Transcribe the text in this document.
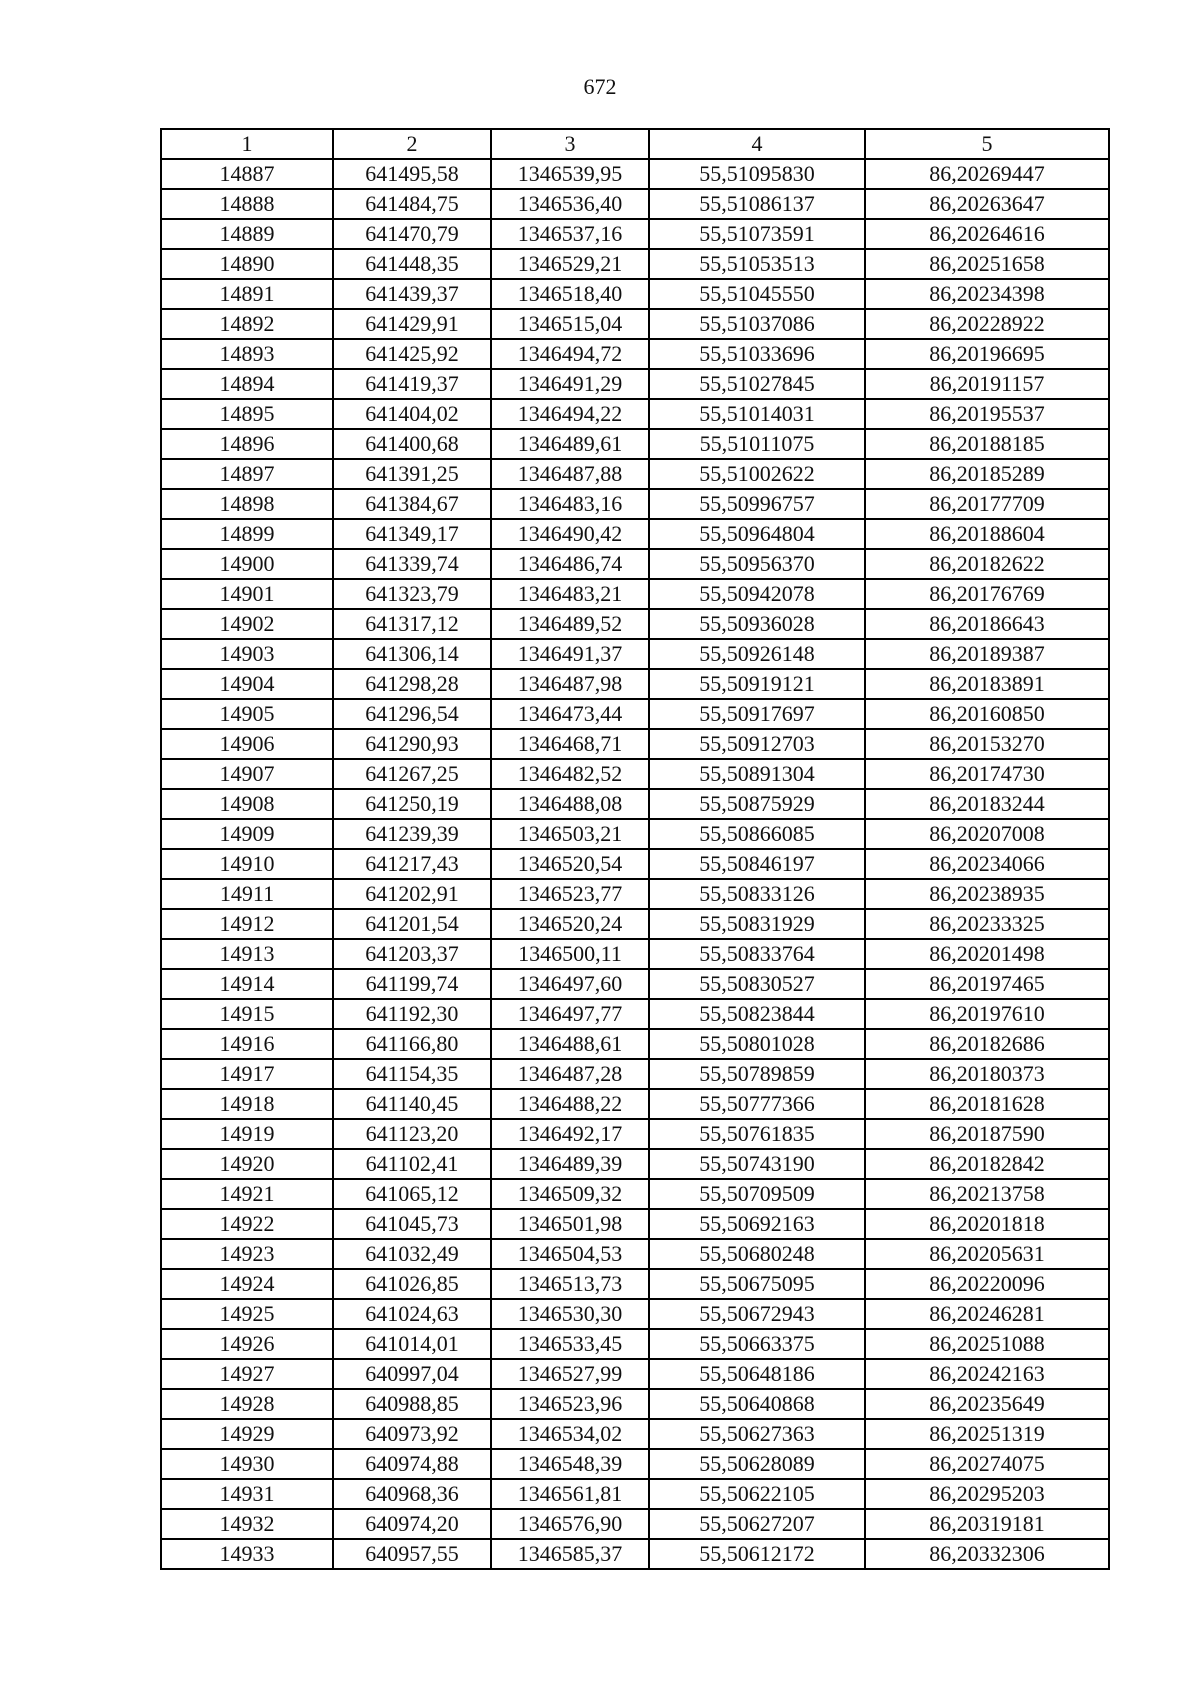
672
1	2	3	4	5
14887	641495,58	1346539,95	55,51095830	86,20269447
14888	641484,75	1346536,40	55,51086137	86,20263647
14889	641470,79	1346537,16	55,51073591	86,20264616
14890	641448,35	1346529,21	55,51053513	86,20251658
14891	641439,37	1346518,40	55,51045550	86,20234398
14892	641429,91	1346515,04	55,51037086	86,20228922
14893	641425,92	1346494,72	55,51033696	86,20196695
14894	641419,37	1346491,29	55,51027845	86,20191157
14895	641404,02	1346494,22	55,51014031	86,20195537
14896	641400,68	1346489,61	55,51011075	86,20188185
14897	641391,25	1346487,88	55,51002622	86,20185289
14898	641384,67	1346483,16	55,50996757	86,20177709
14899	641349,17	1346490,42	55,50964804	86,20188604
14900	641339,74	1346486,74	55,50956370	86,20182622
14901	641323,79	1346483,21	55,50942078	86,20176769
14902	641317,12	1346489,52	55,50936028	86,20186643
14903	641306,14	1346491,37	55,50926148	86,20189387
14904	641298,28	1346487,98	55,50919121	86,20183891
14905	641296,54	1346473,44	55,50917697	86,20160850
14906	641290,93	1346468,71	55,50912703	86,20153270
14907	641267,25	1346482,52	55,50891304	86,20174730
14908	641250,19	1346488,08	55,50875929	86,20183244
14909	641239,39	1346503,21	55,50866085	86,20207008
14910	641217,43	1346520,54	55,50846197	86,20234066
14911	641202,91	1346523,77	55,50833126	86,20238935
14912	641201,54	1346520,24	55,50831929	86,20233325
14913	641203,37	1346500,11	55,50833764	86,20201498
14914	641199,74	1346497,60	55,50830527	86,20197465
14915	641192,30	1346497,77	55,50823844	86,20197610
14916	641166,80	1346488,61	55,50801028	86,20182686
14917	641154,35	1346487,28	55,50789859	86,20180373
14918	641140,45	1346488,22	55,50777366	86,20181628
14919	641123,20	1346492,17	55,50761835	86,20187590
14920	641102,41	1346489,39	55,50743190	86,20182842
14921	641065,12	1346509,32	55,50709509	86,20213758
14922	641045,73	1346501,98	55,50692163	86,20201818
14923	641032,49	1346504,53	55,50680248	86,20205631
14924	641026,85	1346513,73	55,50675095	86,20220096
14925	641024,63	1346530,30	55,50672943	86,20246281
14926	641014,01	1346533,45	55,50663375	86,20251088
14927	640997,04	1346527,99	55,50648186	86,20242163
14928	640988,85	1346523,96	55,50640868	86,20235649
14929	640973,92	1346534,02	55,50627363	86,20251319
14930	640974,88	1346548,39	55,50628089	86,20274075
14931	640968,36	1346561,81	55,50622105	86,20295203
14932	640974,20	1346576,90	55,50627207	86,20319181
14933	640957,55	1346585,37	55,50612172	86,20332306
